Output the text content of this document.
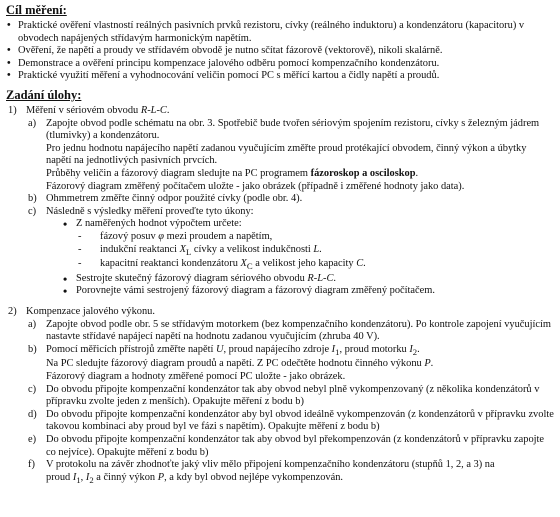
Cíl měření:
• Praktické ověření vlastností reálných pasivních prvků rezistoru, cívky (reálného induktoru) a kondenzátoru (kapacitoru) v obvodech napájených střídavým harmonickým napětím.
• Ověření, že napětí a proudy ve střídavém obvodě je nutno sčítat fázorově (vektorově), nikoli skalárně.
• Demonstrace a ověření principu kompenzace jalového odběru pomocí kompenzačního kondenzátoru.
• Praktické využití měření a vyhodnocování veličin pomocí PC s měřící kartou a čidly napětí a proudů.
Zadání úlohy:
1) Měření v sériovém obvodu R-L-C.
a) Zapojte obvod podle schématu na obr. 3. Spotřebič bude tvořen sériovým spojením rezistoru, cívky s železným jádrem (tlumivky) a kondenzátoru.
Pro jednu hodnotu napájecího napětí zadanou vyučujícím změřte proud protékající obvodem, činný výkon a úbytky napětí na jednotlivých pasivních prvcích.
Průběhy veličin a fázorový diagram sledujte na PC programem fázoroskop a osciloskop.
Fázorový diagram změřený počítačem uložte - jako obrázek (případně i změřené hodnoty jako data).
b) Ohmmetrem změřte činný odpor použité cívky (podle obr. 4).
c) Následně s výsledky měření proveďte tyto úkony:
• Z naměřených hodnot výpočtem určete:
- fázový posuv φ mezi proudem a napětím,
- indukční reaktanci $X_L$ cívky a velikost indukčnosti L.
- kapacitní reaktanci kondenzátoru $X_C$ a velikost jeho kapacity C.
• Sestrojte skutečný fázorový diagram sériového obvodu R-L-C.
• Porovnejte vámi sestrojený fázorový diagram a fázorový diagram změřený počítačem.
2) Kompenzace jalového výkonu.
a) Zapojte obvod podle obr. 5 se střídavým motorkem (bez kompenzačního kondenzátoru). Po kontrole zapojení vyučujícím nastavte střídavé napájecí napětí na hodnotu zadanou vyučujícím (zhruba 40 V).
b) Pomocí měřicích přístrojů změřte napětí U, proud napájecího zdroje $I_1$, proud motorku $I_2$.
Na PC sledujte fázorový diagram proudů a napětí. Z PC odečtěte hodnotu činného výkonu P.
Fázorový diagram a hodnoty změřené pomocí PC uložte - jako obrázek.
c) Do obvodu připojte kompenzační kondenzátor tak aby obvod nebyl plně vykompenzovaný (z několika kondenzátorů v přípravku zvolte jeden z menších). Opakujte měření z bodu b)
d) Do obvodu připojte kompenzační kondenzátor aby byl obvod ideálně vykompenzován (z kondenzátorů v přípravku zvolte takovou kombinaci aby proud byl ve fázi s napětím). Opakujte měření z bodu b)
e) Do obvodu připojte kompenzační kondenzátor tak aby obvod byl překompenzován (z kondenzátorů v přípravku zapojte co nejvíce). Opakujte měření z bodu b)
f) V protokolu na závěr zhodnoťte jaký vliv mělo připojení kompenzačního kondenzátoru (stupňů 1, 2, a 3) na
proud $I_1$, $I_2$ a činný výkon P, a kdy byl obvod nejlépe vykompenzován.
